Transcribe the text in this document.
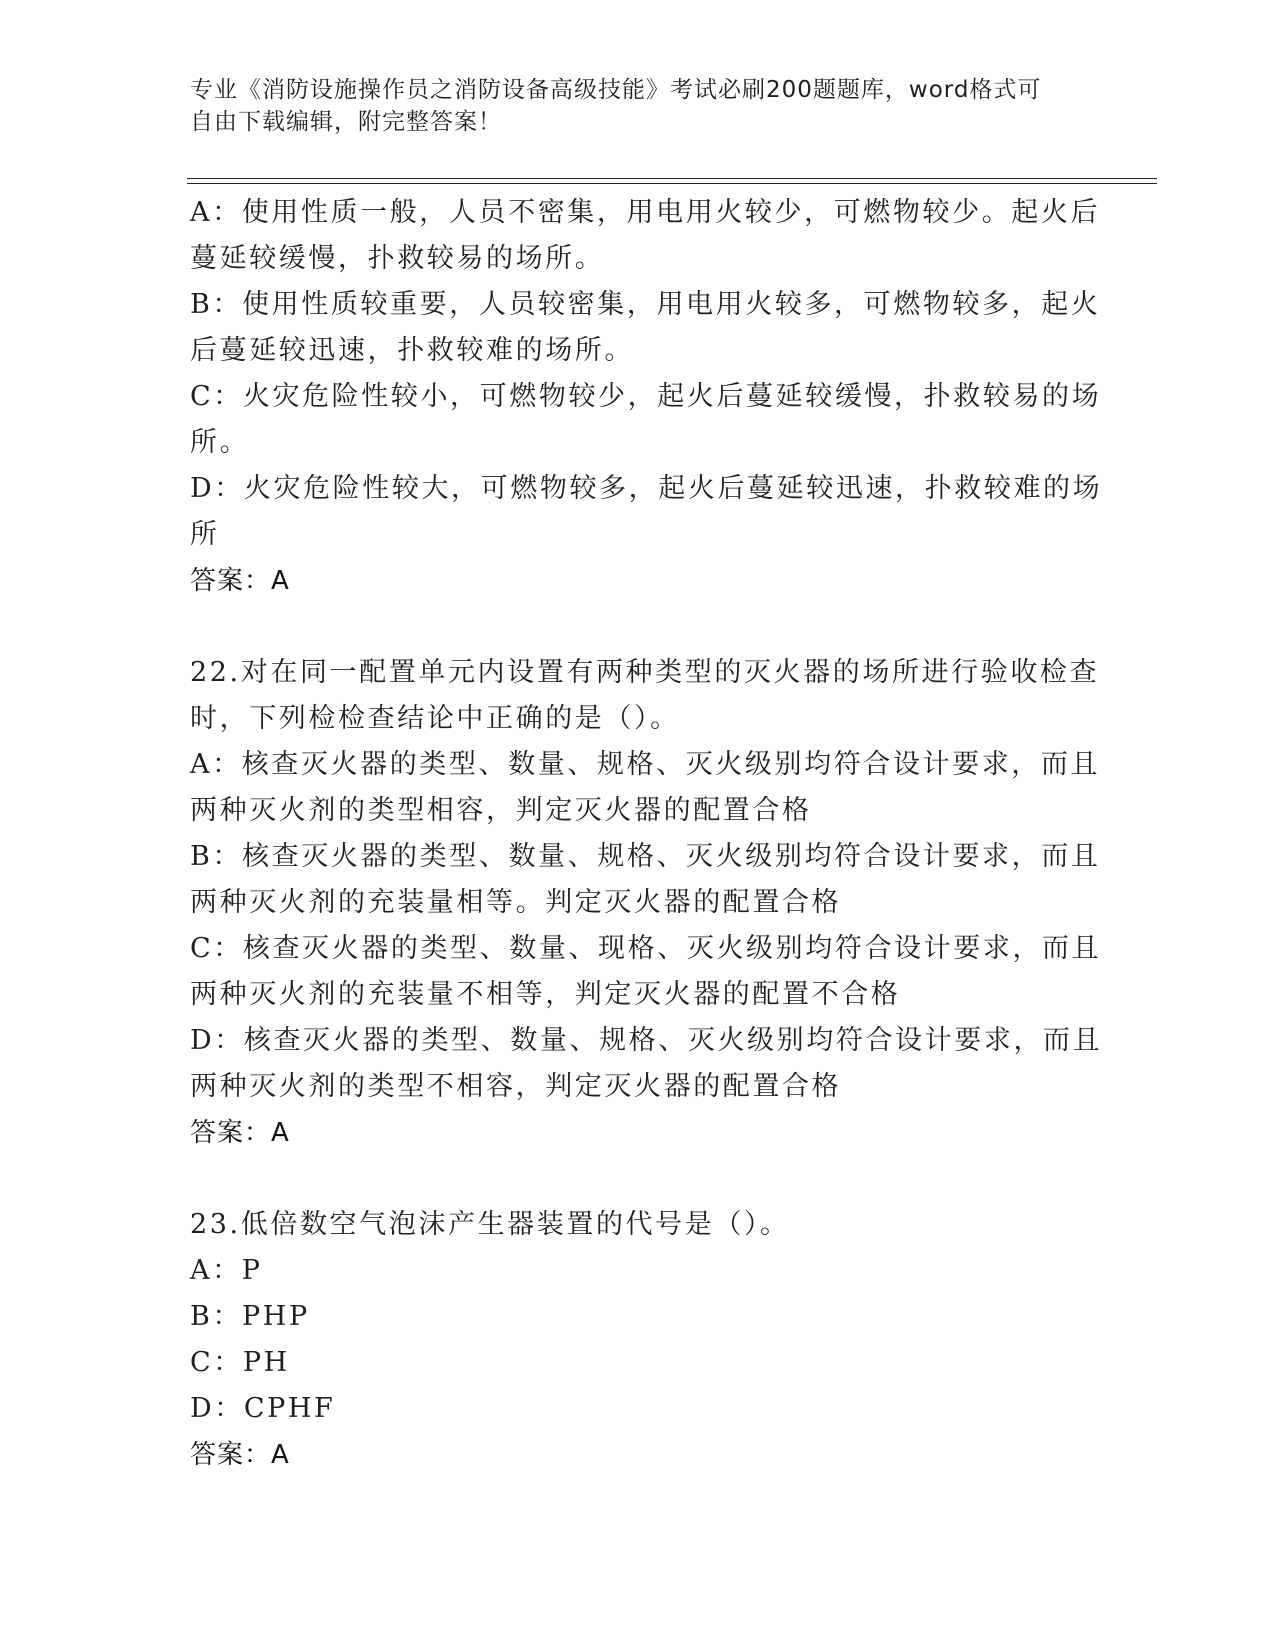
专业《消防设施操作员之消防设备高级技能》考试必刷200题题库，word格式可
自由下载编辑，附完整答案！
A：使用性质一般，人员不密集，用电用火较少，可燃物较少。起火后
蔓延较缓慢，扑救较易的场所。
B：使用性质较重要，人员较密集，用电用火较多，可燃物较多，起火
后蔓延较迅速，扑救较难的场所。
C：火灾危险性较小，可燃物较少，起火后蔓延较缓慢，扑救较易的场
所。
D：火灾危险性较大，可燃物较多，起火后蔓延较迅速，扑救较难的场
所
答案：A
22.对在同一配置单元内设置有两种类型的灭火器的场所进行验收检查
时，下列检检查结论中正确的是（）。
A：核查灭火器的类型、数量、规格、灭火级别均符合设计要求，而且
两种灭火剂的类型相容，判定灭火器的配置合格
B：核查灭火器的类型、数量、规格、灭火级别均符合设计要求，而且
两种灭火剂的充装量相等。判定灭火器的配置合格
C：核查灭火器的类型、数量、现格、灭火级别均符合设计要求，而且
两种灭火剂的充装量不相等，判定灭火器的配置不合格
D：核查灭火器的类型、数量、规格、灭火级别均符合设计要求，而且
两种灭火剂的类型不相容，判定灭火器的配置合格
答案：A
23.低倍数空气泡沫产生器装置的代号是（）。
A：P
B：PHP
C：PH
D：CPHF
答案：A
